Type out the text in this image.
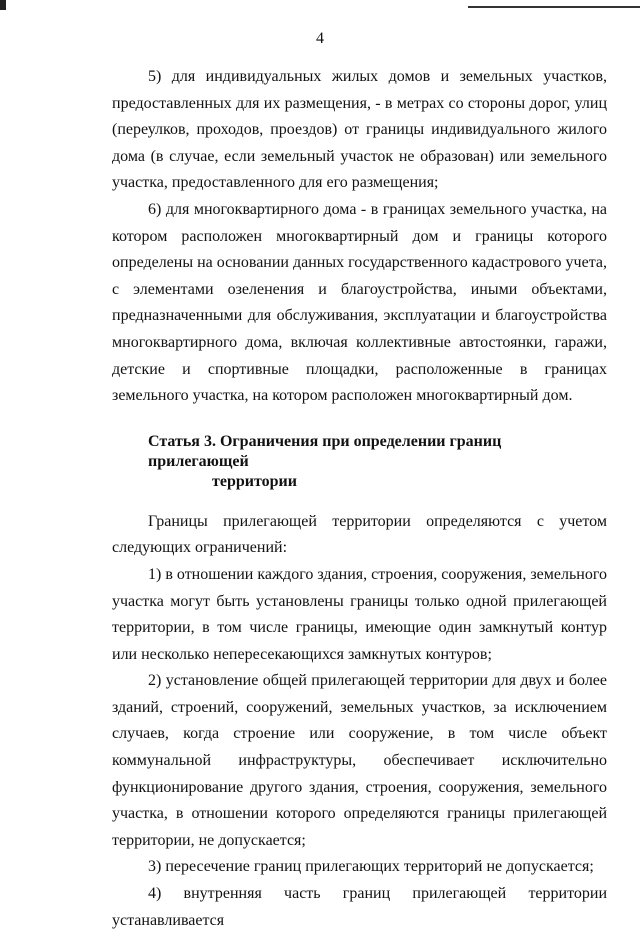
4

5) для индивидуальных жилых домов и земельных участков, предоставленных для их размещения, - в метрах со стороны дорог, улиц (переулков, проходов, проездов) от границы индивидуального жилого дома (в случае, если земельный участок не образован) или земельного участка, предоставленного для его размещения;

6) для многоквартирного дома - в границах земельного участка, на котором расположен многоквартирный дом и границы которого определены на основании данных государственного кадастрового учета, с элементами озеленения и благоустройства, иными объектами, предназначенными для обслуживания, эксплуатации и благоустройства многоквартирного дома, включая коллективные автостоянки, гаражи, детские и спортивные площадки, расположенные в границах земельного участка, на котором расположен многоквартирный дом.

Статья 3. Ограничения при определении границ прилегающей
территории

Границы прилегающей территории определяются с учетом следующих ограничений:

1) в отношении каждого здания, строения, сооружения, земельного участка могут быть установлены границы только одной прилегающей территории, в том числе границы, имеющие один замкнутый контур или несколько непересекающихся замкнутых контуров;

2) установление общей прилегающей территории для двух и более зданий, строений, сооружений, земельных участков, за исключением случаев, когда строение или сооружение, в том числе объект коммунальной инфраструктуры, обеспечивает исключительно функционирование другого здания, строения, сооружения, земельного участка, в отношении которого определяются границы прилегающей территории, не допускается;

3) пересечение границ прилегающих территорий не допускается;

4) внутренняя часть границ прилегающей территории устанавливается
